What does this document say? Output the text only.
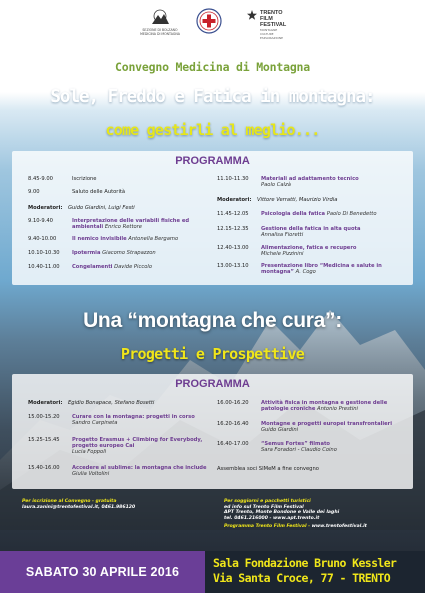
SEZIONE DI BOLZANO
MEDICINA DI MONTAGNA
TRENTO
FILM
FESTIVAL
MONTAGNE
CULTURE
ESPLORAZIONE
Convegno Medicina di Montagna
Sole, Freddo e Fatica in montagna:
come gestirli al meglio...
PROGRAMMA
8.45-9.00	Iscrizione
9.00	Saluto delle Autorità
Moderatori: Guido Giardini, Luigi Festi
9.10-9.40	Interpretazione delle variabili fisiche ed ambientali Enrico Rettore
9.40-10.00	Il nemico invisibile Antonella Bergamo
10.10-10.30 Ipotermia Giacomo Strapazzon
10.40-11.00 Congelamenti Davide Piccolo
11.10-11.30 Materiali ad adattamento tecnico
Paolo Calzà
Moderatori: Vittore Verratti, Maurizio Virdia
11.45-12.05 Psicologia della fatica Paolo Di Benedetto
12.15-12.35 Gestione della fatica in alta quota
Annalisa Fioretti
12.40-13.00 Alimentazione, fatica e recupero
Michele Pizzinini
13.00-13.10 Presentazione libro “Medicina e salute in montagna” A. Cogo
Una “montagna che cura”:
Progetti e Prospettive
PROGRAMMA
Moderatori: Egidio Bonapace, Stefano Bosetti
15.00-15.20 Curare con la montagna: progetti in corso
Sandro Carpineta
15.25-15.45 Progetto Erasmus + Climbing for Everybody, progetto europeo Cai
Lucia Foppoli
15.40-16.00 Accedere al sublime: la montagna che include Giulia Voltolini
16.00-16.20 Attività fisica in montagna e gestione delle patologie croniche Antonio Prestini
16.20-16.40 Montagne e progetti europei transfrontalieri
Guido Giardini
16.40-17.00 “Semus Fortes” filmato
Sara Foradori - Claudio Coino
Assemblea soci SIMeM a fine convegno
Per iscrizione al Convegno - gratuita
laura.zanini@trentofestival.it, 0461.986120
Per soggiorni e pacchetti turistici
ed info sul Trento Film Festival
APT Trento, Monte Bondone e Valle dei laghi
tel. 0461.216000 - www.apt.trento.it
Programma Trento Film Festival - www.trentofestival.it
SABATO 30 APRILE 2016
Sala Fondazione Bruno Kessler
Via Santa Croce, 77 - TRENTO
